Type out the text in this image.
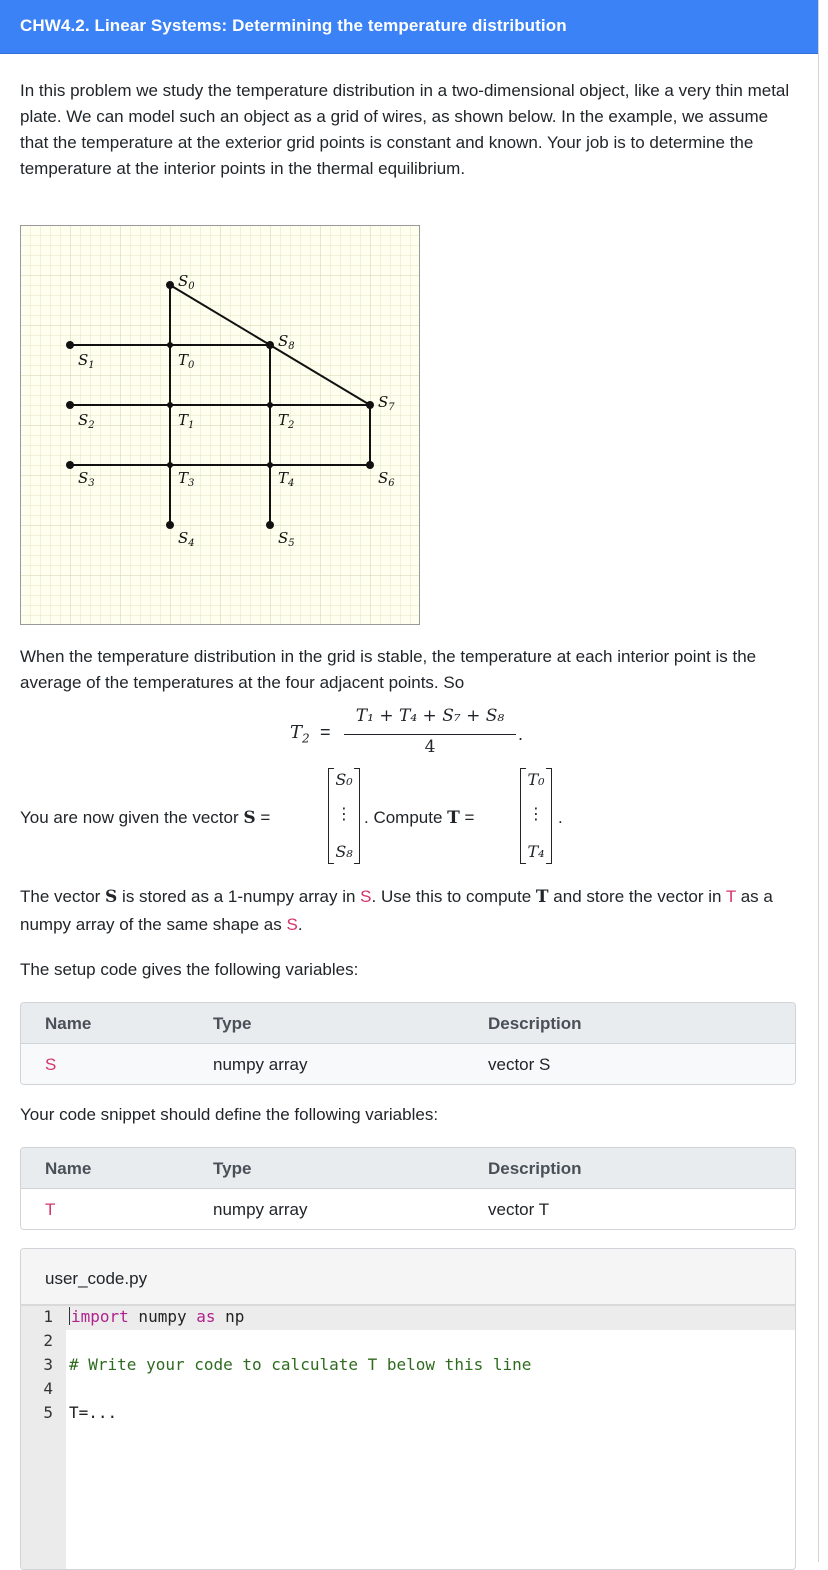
CHW4.2. Linear Systems: Determining the temperature distribution
In this problem we study the temperature distribution in a two-dimensional object, like a very thin metal plate. We can model such an object as a grid of wires, as shown below. In the example, we assume that the temperature at the exterior grid points is constant and known. Your job is to determine the temperature at the interior points in the thermal equilibrium.
$S_0$
$S_1$
$S_2$
$S_3$
$S_4$	$S_5$
$S_6$
$S_7$
$S_8$
$T_0$
$T_1$	$T_2$
$T_3$	$T_4$
When the temperature distribution in the grid is stable, the temperature at each interior point is the average of the temperatures at the four adjacent points. So
$T_2$ =
T₁ + T₄ + S₇ + S₈
4
.
You are now given the vector S =
S₀
⋮
S₈
. Compute T =
T₀
⋮
T₄
.
The vector S is stored as a 1-numpy array in S. Use this to compute T and store the vector in T as a numpy array of the same shape as S.
The setup code gives the following variables:
Name	Type	Description
S	numpy array	vector S
Your code snippet should define the following variables:
Name	Type	Description
T	numpy array	vector T
user_code.py
1
2
3
4
5
import numpy as np
# Write your code to calculate T below this line
T=...
